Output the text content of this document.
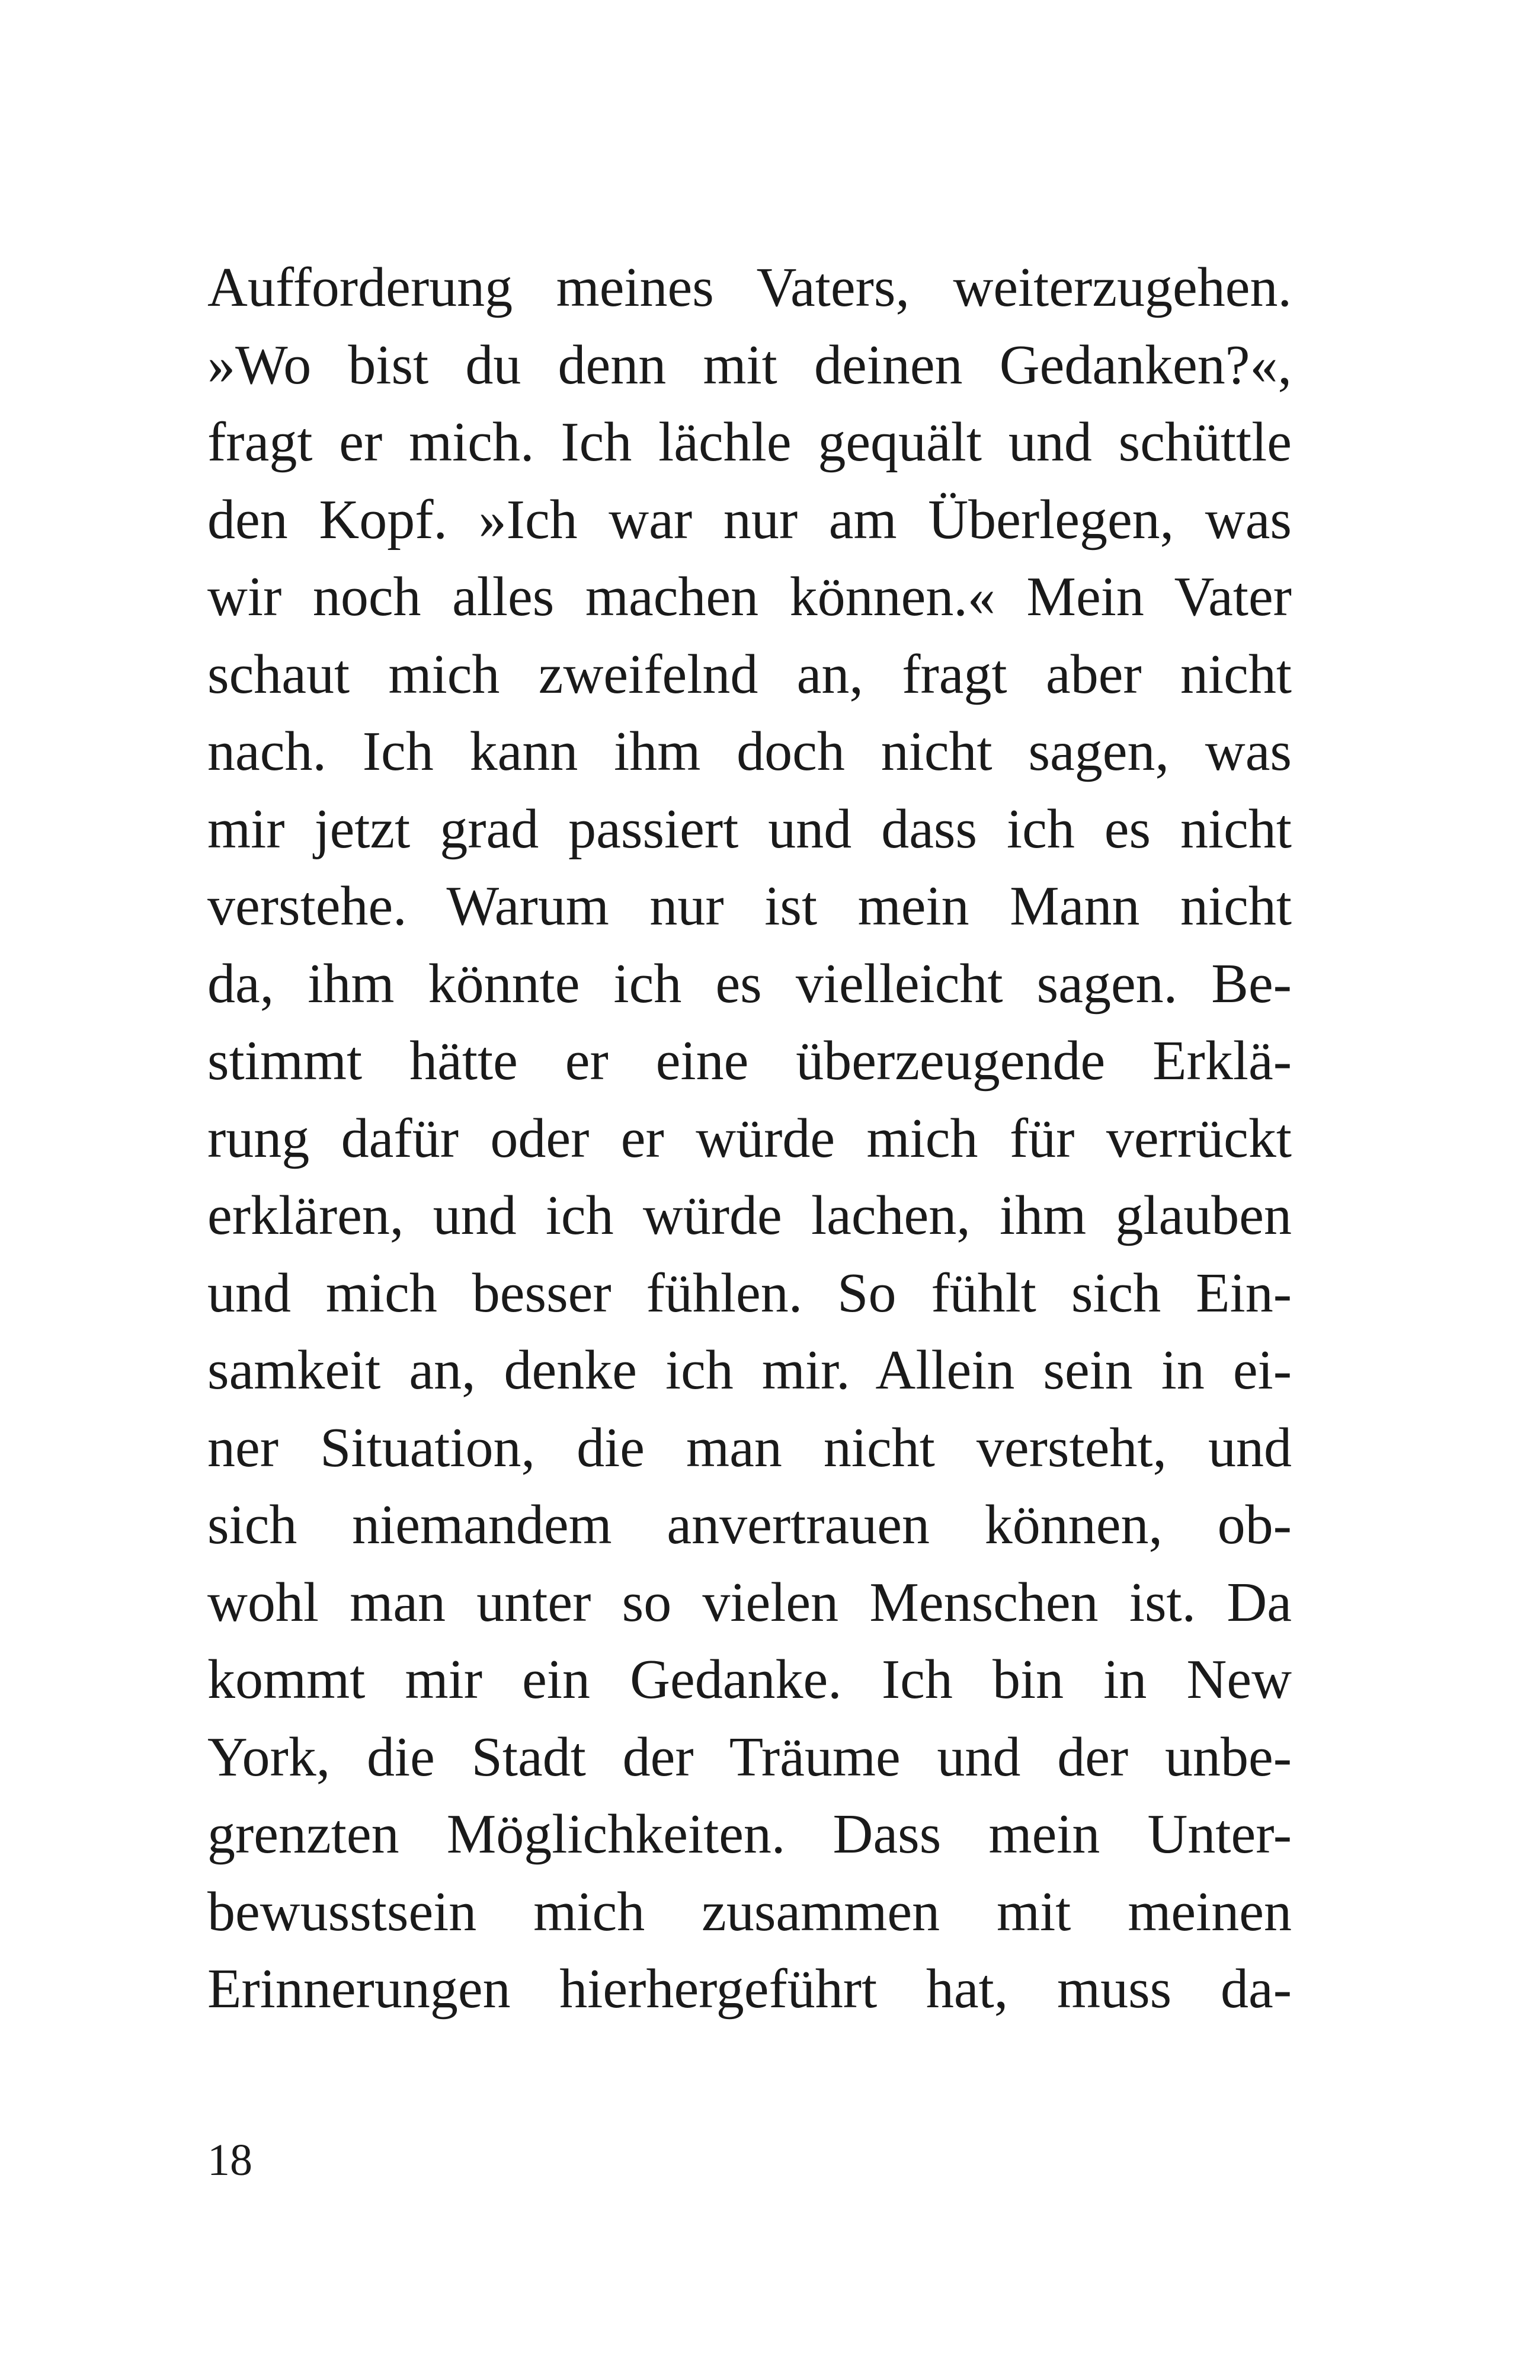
Aufforderung meines Vaters, weiterzugehen.
»Wo bist du denn mit deinen Gedanken?«,
fragt er mich. Ich lächle gequält und schüttle
den Kopf. »Ich war nur am Überlegen, was
wir noch alles machen können.« Mein Vater
schaut mich zweifelnd an, fragt aber nicht
nach. Ich kann ihm doch nicht sagen, was
mir jetzt grad passiert und dass ich es nicht
verstehe. Warum nur ist mein Mann nicht
da, ihm könnte ich es vielleicht sagen. Be-
stimmt hätte er eine überzeugende Erklä-
rung dafür oder er würde mich für verrückt
erklären, und ich würde lachen, ihm glauben
und mich besser fühlen. So fühlt sich Ein-
samkeit an, denke ich mir. Allein sein in ei-
ner Situation, die man nicht versteht, und
sich niemandem anvertrauen können, ob-
wohl man unter so vielen Menschen ist. Da
kommt mir ein Gedanke. Ich bin in New
York, die Stadt der Träume und der unbe-
grenzten Möglichkeiten. Dass mein Unter-
bewusstsein mich zusammen mit meinen
Erinnerungen hierhergeführt hat, muss da-
18
